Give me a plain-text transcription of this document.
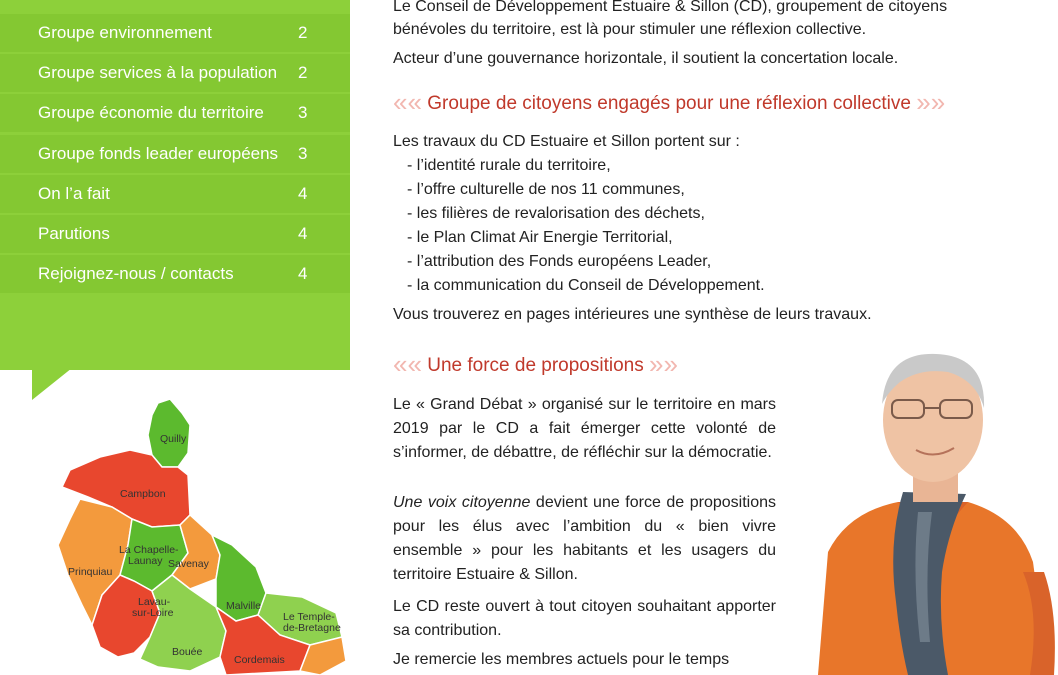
Groupe environnement	2
Groupe services à la population 2
Groupe économie du territoire 3
Groupe fonds leader européens 3
On l’a fait	4
Parutions	4
Rejoignez-nous / contacts	4
Quilly
Campbon
La Chapelle-
Launay
Prinquiau
Savenay
Lavau-
sur-Loire
Malville
Le Temple-
de-Bretagne
Bouée
Cordemais

Le Conseil de Développement Estuaire & Sillon (CD), groupement de citoyens

bénévoles du territoire, est là pour stimuler une réflexion collective.

Acteur d’une gouvernance horizontale, il soutient la concertation locale.

«« Groupe de citoyens engagés pour une réflexion collective »»

Les travaux du CD Estuaire et Sillon portent sur :

- l’identité rurale du territoire,

- l’offre culturelle de nos 11 communes,

- les filières de revalorisation des déchets,

- le Plan Climat Air Energie Territorial,

- l’attribution des Fonds européens Leader,

- la communication du Conseil de Développement.

Vous trouverez en pages intérieures une synthèse de leurs travaux.

«« Une force de propositions »»

Le « Grand Débat » organisé sur le territoire en mars 2019 par le CD a fait émerger cette volonté de s’informer, de débattre, de réfléchir sur la démocratie.

Une voix citoyenne devient une force de propositions pour les élus avec l’ambition du « bien vivre ensemble » pour les habitants et les usagers du territoire Estuaire & Sillon.

Le CD reste ouvert à tout citoyen souhaitant apporter sa contribution.

Je remercie les membres actuels pour le temps
